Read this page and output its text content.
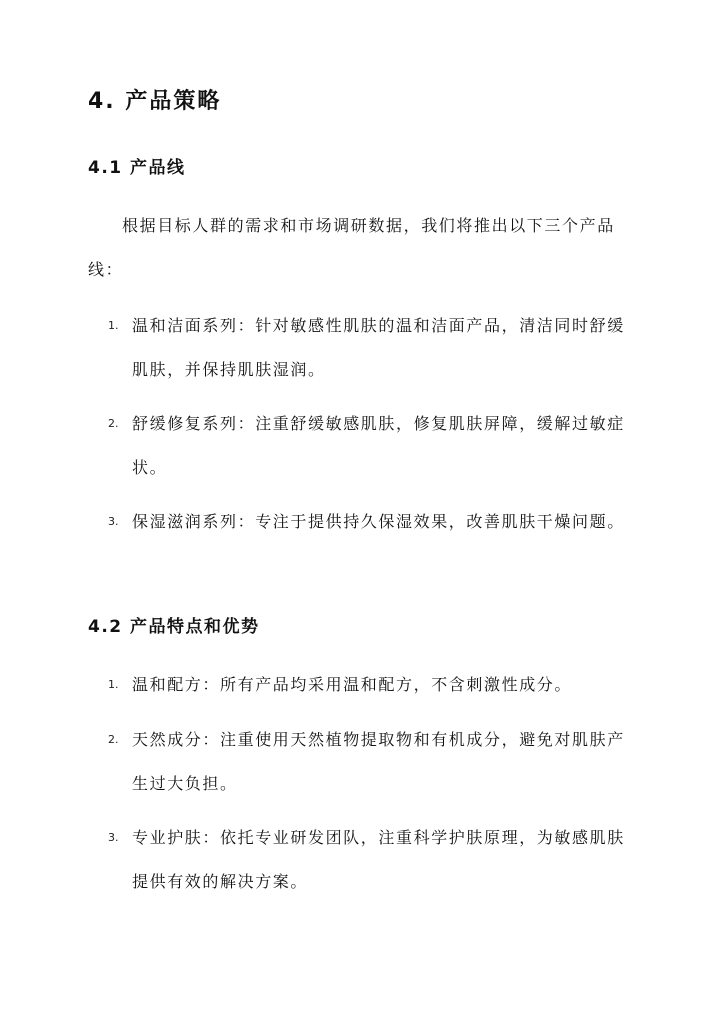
4. 产品策略
4.1 产品线
根据目标人群的需求和市场调研数据，我们将推出以下三个产品线：
1. 温和洁面系列：针对敏感性肌肤的温和洁面产品，清洁同时舒缓肌肤，并保持肌肤湿润。
2. 舒缓修复系列：注重舒缓敏感肌肤，修复肌肤屏障，缓解过敏症状。
3. 保湿滋润系列：专注于提供持久保湿效果，改善肌肤干燥问题。
4.2 产品特点和优势
1. 温和配方：所有产品均采用温和配方，不含刺激性成分。
2. 天然成分：注重使用天然植物提取物和有机成分，避免对肌肤产生过大负担。
3. 专业护肤：依托专业研发团队，注重科学护肤原理，为敏感肌肤提供有效的解决方案。
